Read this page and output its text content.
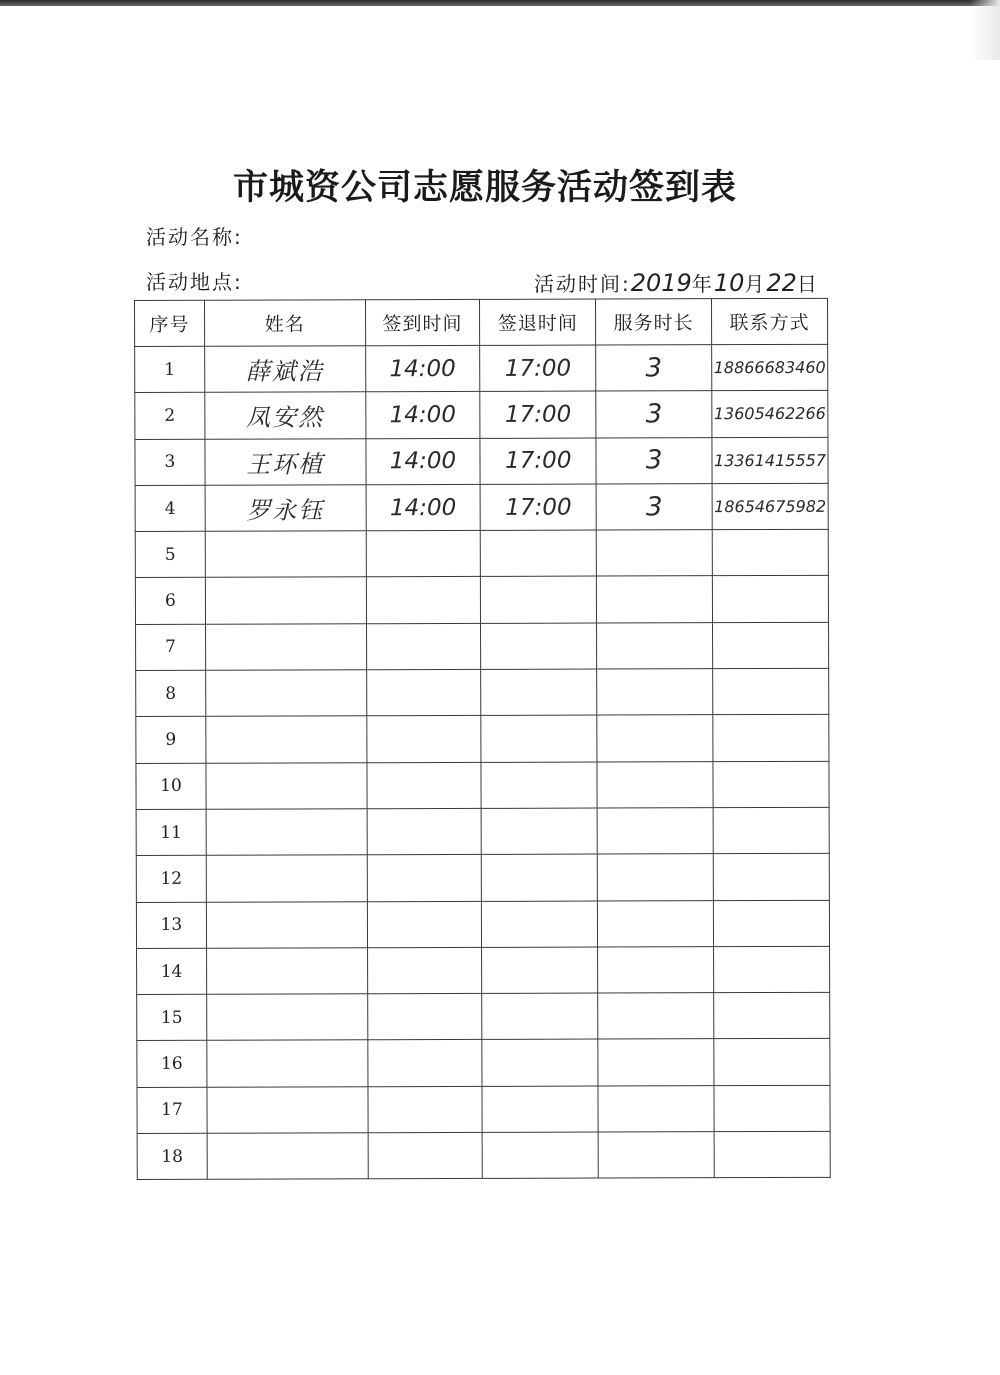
市城资公司志愿服务活动签到表
活动名称:
活动地点:	活动时间:2019年10月22日
序号	姓名	签到时间	签退时间	服务时长	联系方式
1	薛斌浩	14:00	17:00	3	18866683460
2	凤安然	14:00	17:00	3	13605462266
3	王环植	14:00	17:00	3	13361415557
4	罗永钰	14:00	17:00	3	18654675982
5					
6					
7					
8					
9					
10					
11					
12					
13					
14					
15					
16					
17					
18					
